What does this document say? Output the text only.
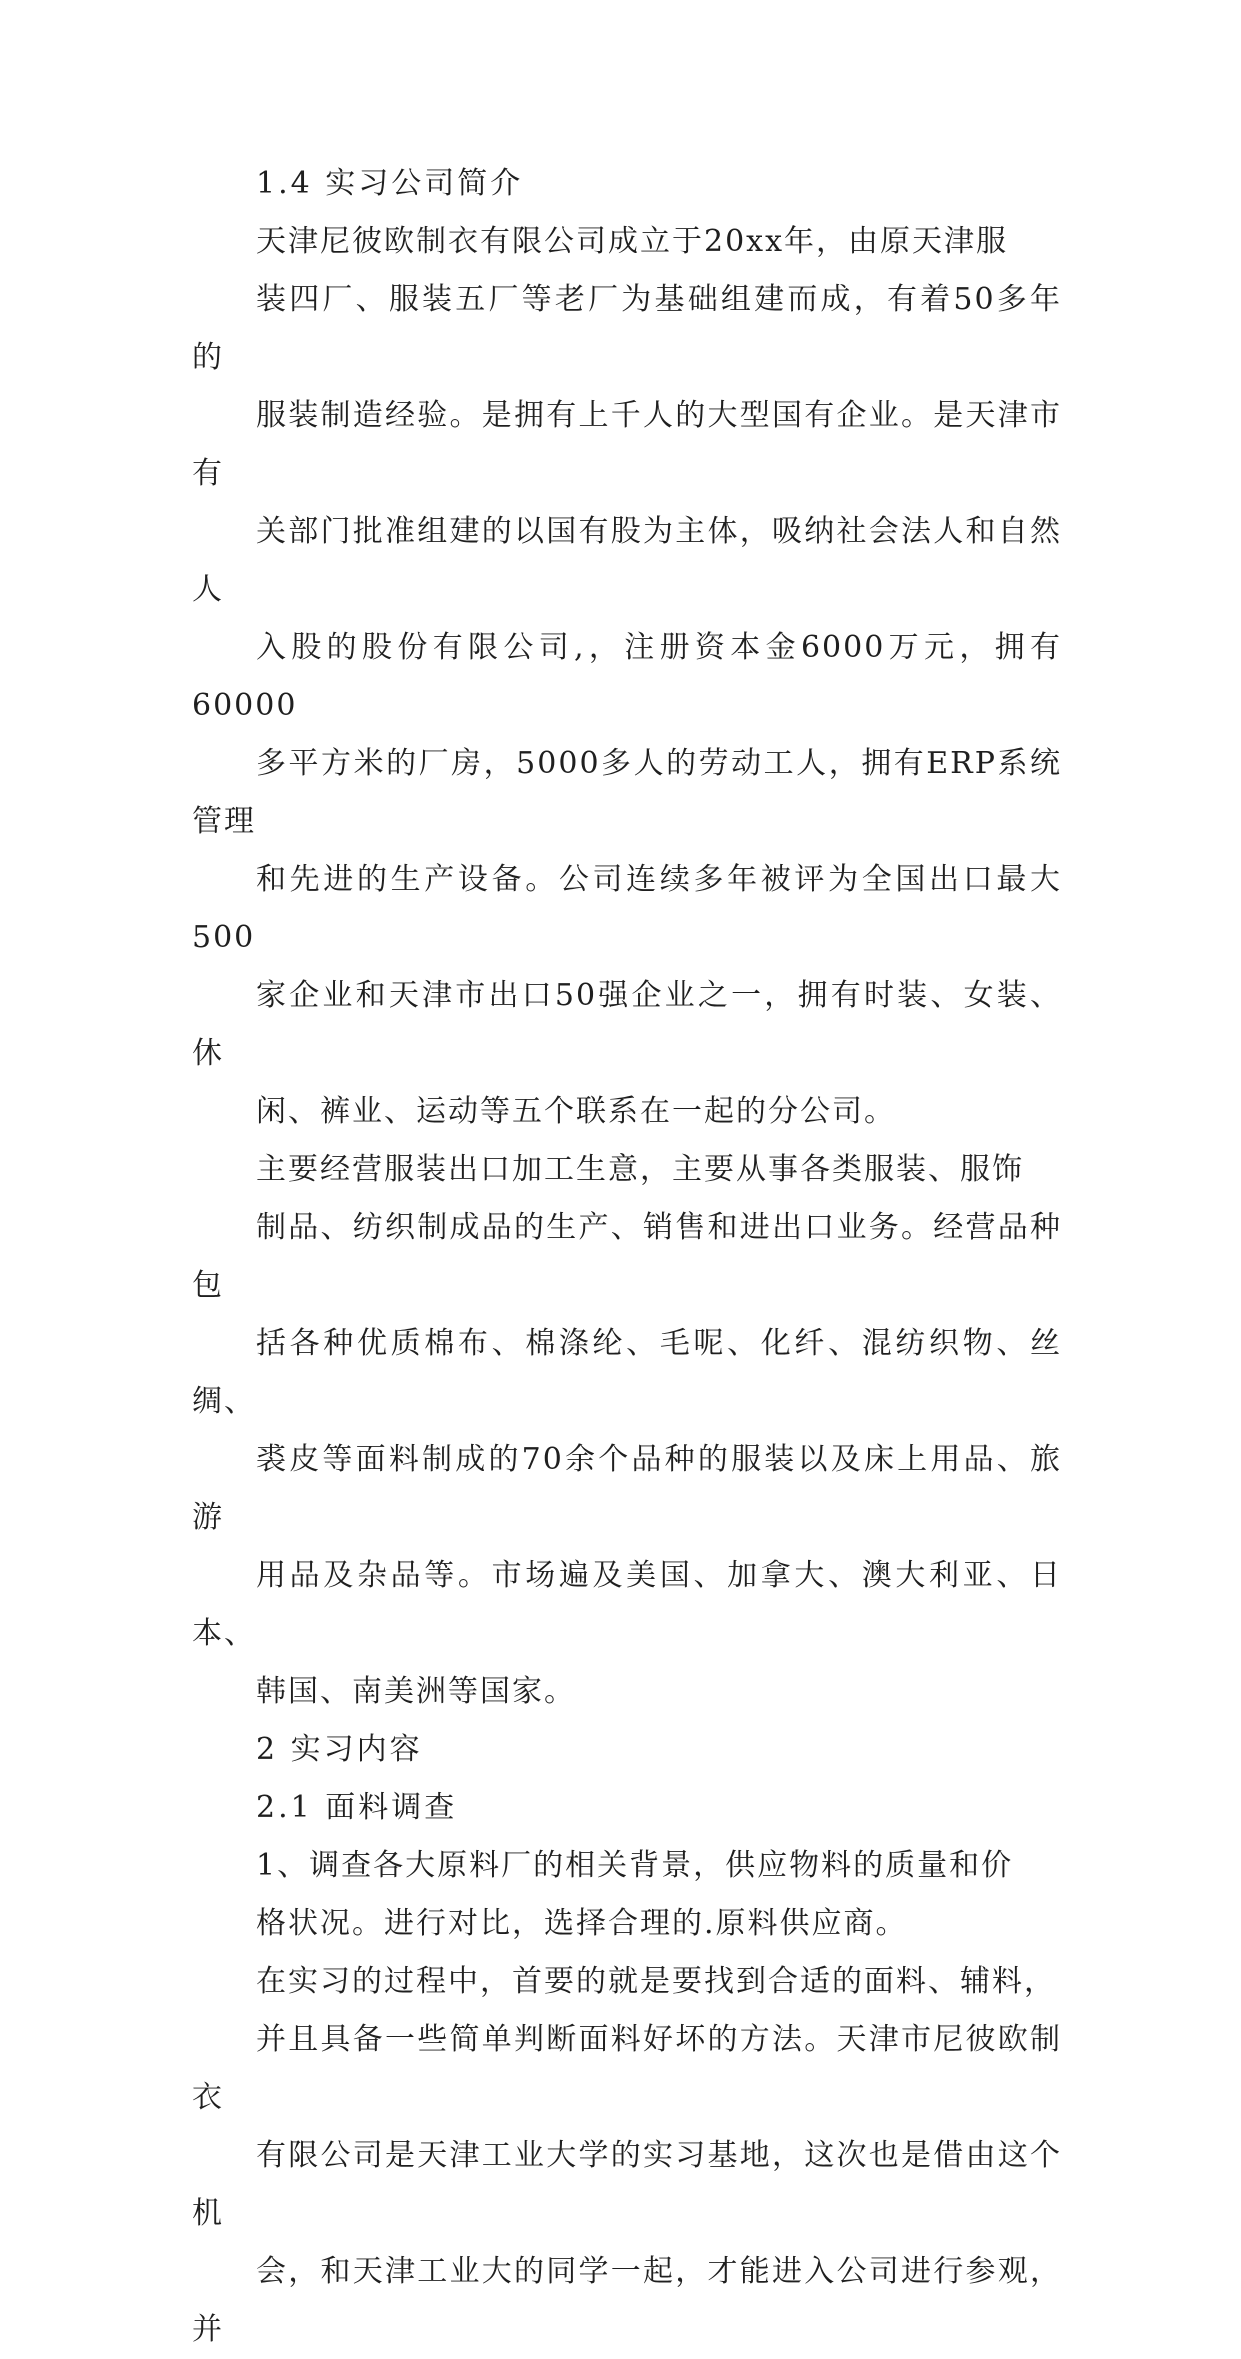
1.4 实习公司简介

天津尼彼欧制衣有限公司成立于20xx年，由原天津服
装四厂、服装五厂等老厂为基础组建而成，有着50多年的
服装制造经验。是拥有上千人的大型国有企业。是天津市有
关部门批准组建的以国有股为主体，吸纳社会法人和自然人
入股的股份有限公司,，注册资本金6000万元，拥有60000
多平方米的厂房，5000多人的劳动工人，拥有ERP系统管理
和先进的生产设备。公司连续多年被评为全国出口最大500
家企业和天津市出口50强企业之一，拥有时装、女装、休
闲、裤业、运动等五个联系在一起的分公司。

主要经营服装出口加工生意，主要从事各类服装、服饰
制品、纺织制成品的生产、销售和进出口业务。经营品种包
括各种优质棉布、棉涤纶、毛呢、化纤、混纺织物、丝绸、
裘皮等面料制成的70余个品种的服装以及床上用品、旅游
用品及杂品等。市场遍及美国、加拿大、澳大利亚、日本、
韩国、南美洲等国家。

2 实习内容

2.1 面料调查

1、调查各大原料厂的相关背景，供应物料的质量和价
格状况。进行对比，选择合理的.原料供应商。

在实习的过程中，首要的就是要找到合适的面料、辅料，
并且具备一些简单判断面料好坏的方法。天津市尼彼欧制衣
有限公司是天津工业大学的实习基地，这次也是借由这个机
会，和天津工业大的同学一起，才能进入公司进行参观，并
